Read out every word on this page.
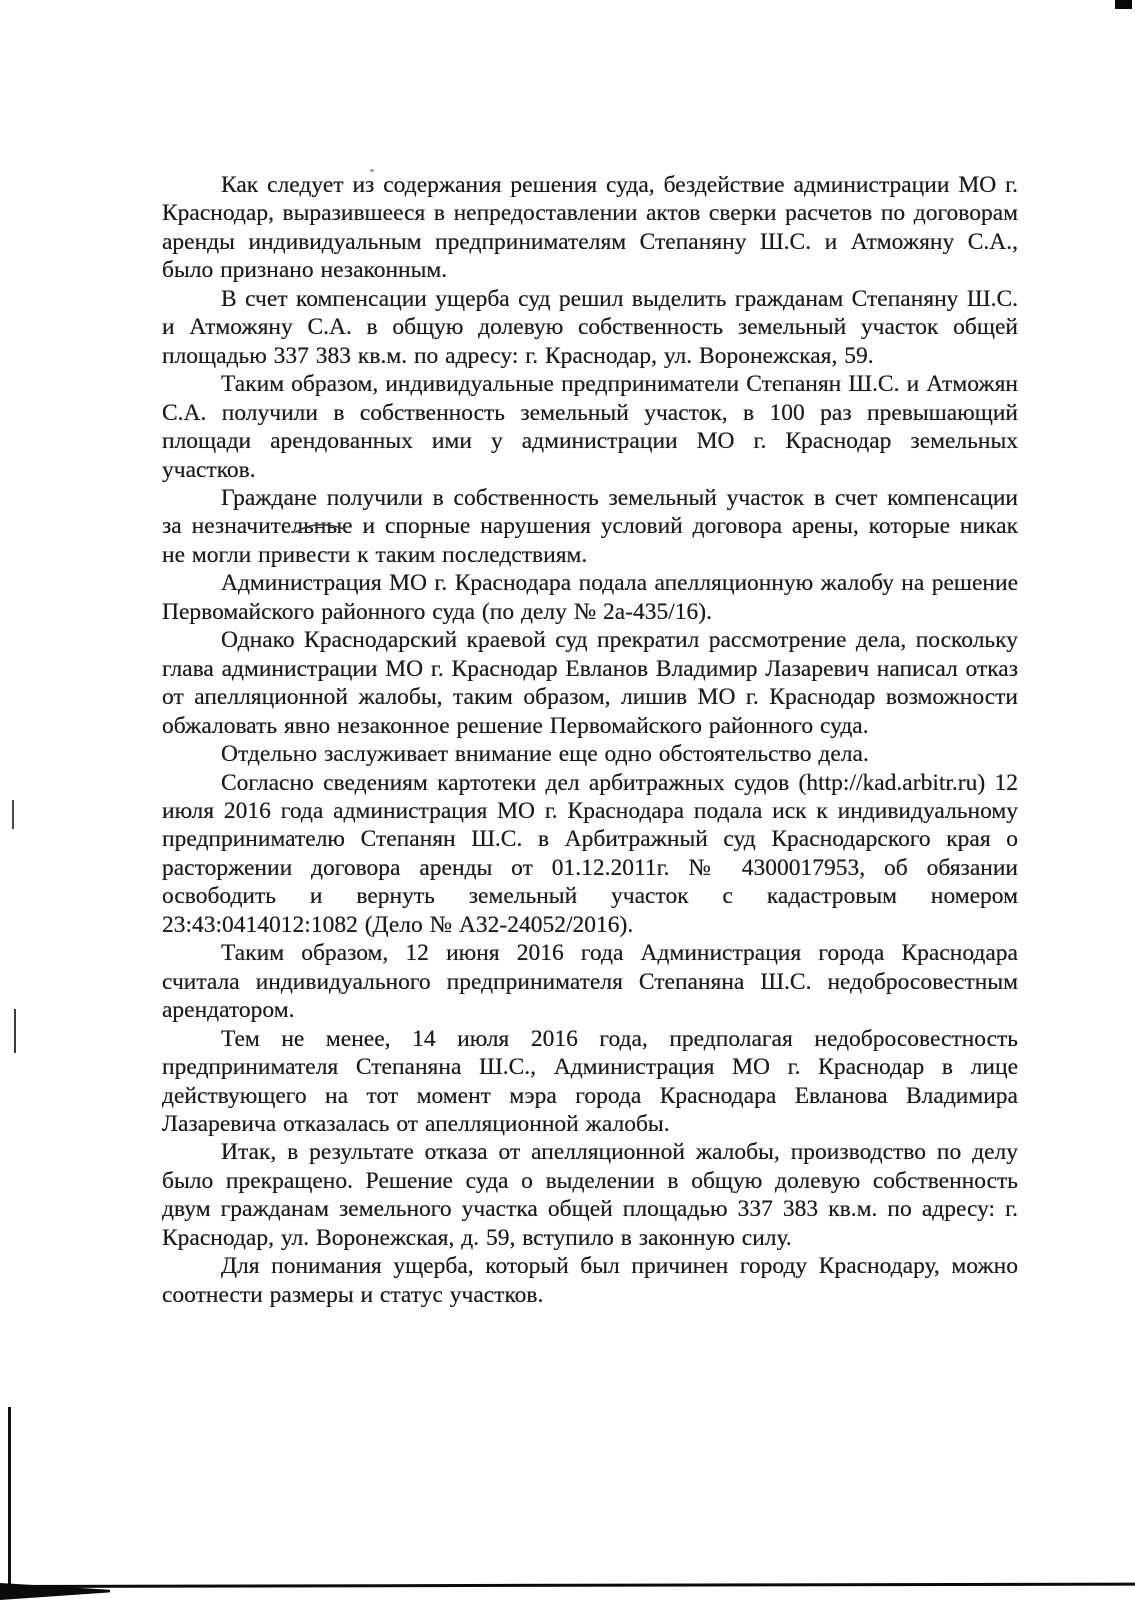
Как следует из содержания решения суда, бездействие администрации МО г. Краснодар, выразившееся в непредоставлении актов сверки расчетов по договорам аренды индивидуальным предпринимателям Степаняну Ш.С. и Атможяну С.А., было признано незаконным.

В счет компенсации ущерба суд решил выделить гражданам Степаняну Ш.С. и Атможяну С.А. в общую долевую собственность земельный участок общей площадью 337 383 кв.м. по адресу: г. Краснодар, ул. Воронежская, 59.

Таким образом, индивидуальные предприниматели Степанян Ш.С. и Атможян С.А. получили в собственность земельный участок, в 100 раз превышающий площади арендованных ими у администрации МО г. Краснодар земельных участков.

Граждане получили в собственность земельный участок в счет компенсации за незначительные и спорные нарушения условий договора арены, которые никак не могли привести к таким последствиям.

Администрация МО г. Краснодара подала апелляционную жалобу на решение Первомайского районного суда (по делу № 2а-435/16).

Однако Краснодарский краевой суд прекратил рассмотрение дела, поскольку глава администрации МО г. Краснодар Евланов Владимир Лазаревич написал отказ от апелляционной жалобы, таким образом, лишив МО г. Краснодар возможности обжаловать явно незаконное решение Первомайского районного суда.

Отдельно заслуживает внимание еще одно обстоятельство дела.

Согласно сведениям картотеки дел арбитражных судов (http://kad.arbitr.ru) 12 июля 2016 года администрация МО г. Краснодара подала иск к индивидуальному предпринимателю Степанян Ш.С. в Арбитражный суд Краснодарского края о расторжении договора аренды от 01.12.2011г. № 4300017953, об обязании освободить и вернуть земельный участок с кадастровым номером 23:43:0414012:1082 (Дело № А32-24052/2016).

Таким образом, 12 июня 2016 года Администрация города Краснодара считала индивидуального предпринимателя Степаняна Ш.С. недобросовестным арендатором.

Тем не менее, 14 июля 2016 года, предполагая недобросовестность предпринимателя Степаняна Ш.С., Администрация МО г. Краснодар в лице действующего на тот момент мэра города Краснодара Евланова Владимира Лазаревича отказалась от апелляционной жалобы.

Итак, в результате отказа от апелляционной жалобы, производство по делу было прекращено. Решение суда о выделении в общую долевую собственность двум гражданам земельного участка общей площадью 337 383 кв.м. по адресу: г. Краснодар, ул. Воронежская, д. 59, вступило в законную силу.

Для понимания ущерба, который был причинен городу Краснодару, можно соотнести размеры и статус участков.
